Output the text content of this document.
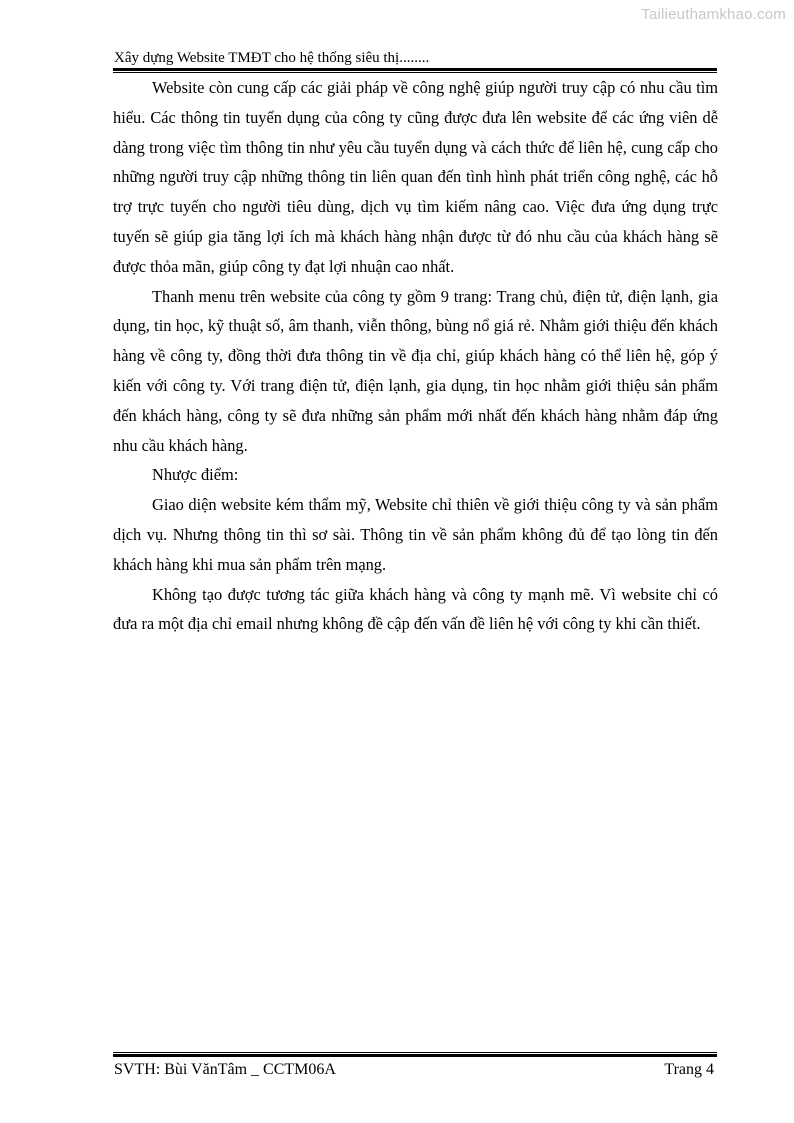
Tailieuthamkhao.com
Xây dựng Website TMĐT cho hệ thống siêu thị........

Website còn cung cấp các giải pháp về công nghệ giúp người truy cập có nhu cầu tìm hiểu. Các thông tin tuyển dụng của công ty cũng được đưa lên website để các ứng viên dễ dàng trong việc tìm thông tin như yêu cầu tuyển dụng và cách thức để liên hệ, cung cấp cho những người truy cập những thông tin liên quan đến tình hình phát triển công nghệ, các hỗ trợ trực tuyến cho người tiêu dùng, dịch vụ tìm kiếm nâng cao. Việc đưa ứng dụng trực tuyến sẽ giúp gia tăng lợi ích mà khách hàng nhận được từ đó nhu cầu của khách hàng sẽ được thỏa mãn, giúp công ty đạt lợi nhuận cao nhất.

Thanh menu trên website của công ty gồm 9 trang: Trang chủ, điện tử, điện lạnh, gia dụng, tin học, kỹ thuật số, âm thanh, viễn thông, bùng nổ giá rẻ. Nhằm giới thiệu đến khách hàng về công ty, đồng thời đưa thông tin về địa chỉ, giúp khách hàng có thể liên hệ, góp ý kiến với công ty. Với trang điện tử, điện lạnh, gia dụng, tin học nhằm giới thiệu sản phẩm đến khách hàng, công ty sẽ đưa những sản phẩm mới nhất đến khách hàng nhằm đáp ứng nhu cầu khách hàng.

Nhược điểm:

Giao diện website kém thẩm mỹ, Website chỉ thiên về giới thiệu công ty và sản phẩm dịch vụ. Nhưng thông tin thì sơ sài. Thông tin về sản phẩm không đủ để tạo lòng tin đến khách hàng khi mua sản phẩm trên mạng.

Không tạo được tương tác giữa khách hàng và công ty mạnh mẽ. Vì website chỉ có đưa ra một địa chỉ email nhưng không đề cập đến vấn đề liên hệ với công ty khi cần thiết.

SVTH: Bùi VănTâm _ CCTM06A	Trang 4
